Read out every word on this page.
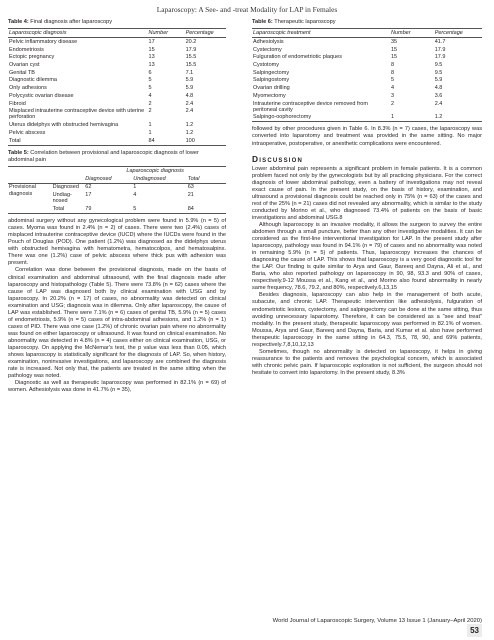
Laparoscopy: A See- and -treat Modality for LAP in Females
Table 4: Final diagnosis after laparoscopy
Laparoscopic diagnosis	Number	Percentage
Pelvic inflammatory disease	17	20.2
Endometriosis	15	17.9
Ectopic pregnancy	13	15.5
Ovarian cyst	13	15.5
Genital TB	6	7.1
Diagnostic dilemma	5	5.9
Only adhesions	5	5.9
Polycystic ovarian disease	4	4.8
Fibroid	2	2.4
Misplaced intrauterine contraceptive device with uterine perforation	2	2.4
Uterus didelphys with obstructed hemivagina	1	1.2
Pelvic abscess	1	1.2
Total	84	100
Table 5: Correlation between provisional and laparoscopic diagnosis of lower abdominal pain
		Laparoscopic diagnosis		
		Diagnosed	Undiagnosed	Total
Provisional diagnosis	Diagnosed	62	1	63
	Undiag-nosed	17	4	21
	Total	79	5	84

abdominal surgery without any gynecological problem were found in 5.9% (n = 5) of cases. Myoma was found in 2.4% (n = 2) of cases. There were two (2.4%) cases of misplaced intrauterine contraceptive device (IUCD) where the IUCDs were found in the Pouch of Douglas (POD). One patient (1.2%) was diagnosed as the didelphys uterus with obstructed hemivagina with hematometra, hematocolpos, and hematosalpinx. There was one (1.2%) case of pelvic abscess where thick pus with adhesion was present.

Correlation was done between the provisional diagnosis, made on the basis of clinical examination and abdominal ultrasound, with the final diagnosis made after laparoscopy and histopathology (Table 5). There were 73.8% (n = 62) cases where the cause of LAP was diagnosed both by clinical examination with USG and by laparoscopy. In 20.2% (n = 17) of cases, no abnormality was detected on clinical examination and USG; diagnosis was in dilemma. Only after laparoscopy, the cause of LAP was established. There were 7.1% (n = 6) cases of genital TB, 5.9% (n = 5) cases of endometriosis, 5.9% (n = 5) cases of intra-abdominal adhesions, and 1.2% (n = 1) cases of PID. There was one case (1.2%) of chronic ovarian pain where no abnormality was found on either laparoscopy or ultrasound. It was found on clinical examination. No abnormality was detected in 4.8% (n = 4) cases either on clinical examination, USG, or laparoscopy. On applying the McNemar's test, the p value was less than 0.05, which shows laparoscopy is statistically significant for the diagnosis of LAP. So, when history, examination, noninvasive investigations, and laparoscopy are combined the diagnosis rate is increased. Not only that, the patients are treated in the same sitting when the pathology was noted.

Diagnostic as well as therapeutic laparoscopy was performed in 82.1% (n = 69) of women. Adhesiolysis was done in 41.7% (n = 35),

Table 6: Therapeutic laparoscopy
Laparoscopic treatment	Number	Percentage
Adhesiolysis	35	41.7
Cystectomy	15	17.9
Fulguration of endometriotic plaques	15	17.9
Cystotomy	8	9.5
Salpingectomy	8	9.5
Salpingostomy	5	5.9
Ovarian drilling	4	4.8
Myomectomy	3	3.6
Intrauterine contraceptive device removed from peritoneal cavity	2	2.4
Salpingo-oophorectomy	1	1.2

followed by other procedures given in Table 6. In 8.3% (n = 7) cases, the laparoscopy was converted into laparotomy and treatment was provided in the same sitting. No major intraoperative, postoperative, or anesthetic complications were encountered.

Discussion

Lower abdominal pain represents a significant problem in female patients. It is a common problem faced not only by the gynecologists but by all practicing physicians. For the correct diagnosis of lower abdominal pathology, even a battery of investigations may not reveal exact cause of pain. In the present study, on the basis of history, examination, and ultrasound a provisional diagnosis could be reached only in 75% (n = 63) of the cases and rest of the 25% (n = 21) cases did not revealed any abnormality, which is similar to the study conducted by Morino et al., who diagnosed 73.4% of patients on the basis of basic investigations and abdominal USG.8

Although laparoscopy is an invasive modality, it allows the surgeon to survey the entire abdomen through a small puncture, better than any other investigative modalities. It can be considered as the first-line interventional investigation for LAP. In the present study after laparoscopy, pathology was found in 94.1% (n = 79) of cases and no abnormality was noted in remaining 5.9% (n = 5) of patients. Thus, laparoscopy increases the chances of diagnosing the cause of LAP. This shows that laparoscopy is a very good diagnostic tool for the LAP. Our finding is quite similar to Arya and Gaur, Bareeq and Dayna, Ali et al., and Baria, who also reported pathology on laparoscopy in 90, 98, 93.3 and 90% of cases, respectively.9-12 Moussa et al., Kang et al., and Morino also found abnormality in nearly same frequency, 78.6, 79.2, and 80%, respectively.6,13,15

Besides diagnosis, laparoscopy can also help in the management of both acute, subacute, and chronic LAP. Therapeutic intervention like adhesiolysis, fulguration of endometriotic lesions, cystectomy, and salpingectomy can be done at the same sitting, thus avoiding unnecessary laparotomy. Therefore, it can be considered as a "see and treat" modality. In the present study, therapeutic laparoscopy was performed in 82.1% of women. Moussa, Arya and Gaur, Bareeq and Dayna, Baria, and Kumar et al. also have performed therapeutic laparoscopy in the same sitting in 64.3, 75.5, 78, 90, and 69% patients, respectively.7,8,10,12,13

Sometimes, though no abnormality is detected on laparoscopy, it helps in giving reassurance to the patients and removes the psychological concern, which is associated with chronic pelvic pain. If laparoscopic exploration is not sufficient, the surgeon should not hesitate to convert into laparotomy. In the present study, 8.3%

World Journal of Laparoscopic Surgery, Volume 13 Issue 1 (January–April 2020) 53
